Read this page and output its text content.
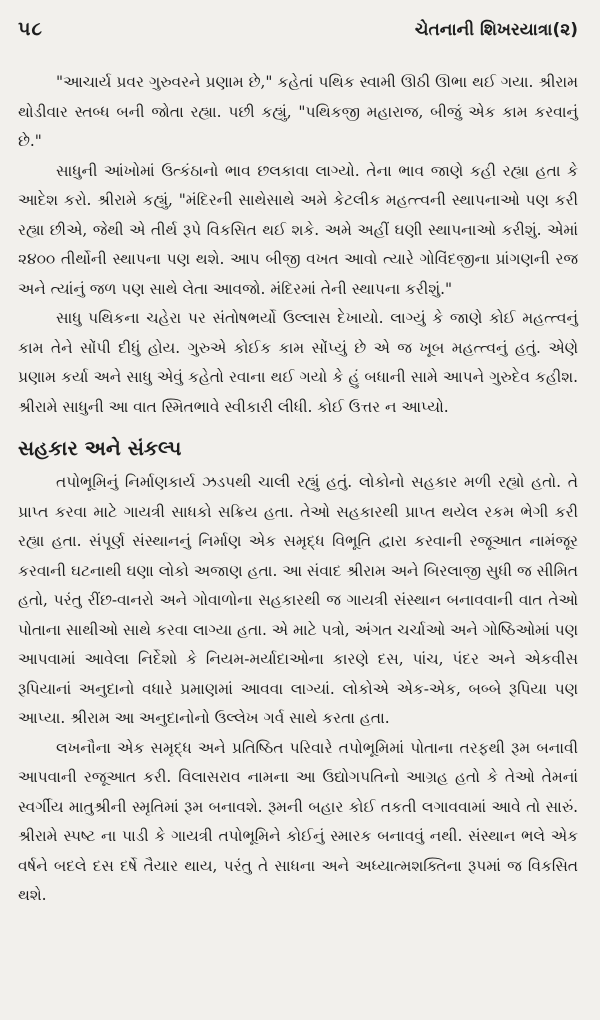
૫૮	ચેતનાની શિખરયાત્રા(૨)

"આચાર્ય પ્રવર ગુરુવરને પ્રણામ છે," કહેતાં પથિક સ્વામી ઊઠી ઊભા થઈ ગયા. શ્રીરામ થોડીવાર સ્તબ્ધ બની જોતા રહ્યા. પછી કહ્યું, "પથિકજી મહારાજ, બીજું એક કામ કરવાનું છે."

સાધુની આંખોમાં ઉત્કંઠાનો ભાવ છલકાવા લાગ્યો. તેના ભાવ જાણે કહી રહ્યા હતા કે આદેશ કરો. શ્રીરામે કહ્યું, "મંદિરની સાથેસાથે અમે કેટલીક મહત્ત્વની સ્થાપનાઓ પણ કરી રહ્યા છીએ, જેથી એ તીર્થ રૂપે વિકસિત થઈ શકે. અમે અહીં ઘણી સ્થાપનાઓ કરીશું. એમાં ૨૪૦૦ તીર્થોની સ્થાપના પણ થશે. આપ બીજી વખત આવો ત્યારે ગોવિંદજીના પ્રાંગણની રજ અને ત્યાંનું જળ પણ સાથે લેતા આવજો. મંદિરમાં તેની સ્થાપના કરીશું."

સાધુ પથિકના ચહેરા પર સંતોષભર્યો ઉલ્લાસ દેખાયો. લાગ્યું કે જાણે કોઈ મહત્ત્વનું કામ તેને સોંપી દીધું હોય. ગુરુએ કોઈક કામ સોંપ્યું છે એ જ ખૂબ મહત્ત્વનું હતું. એણે પ્રણામ કર્યા અને સાધુ એવું કહેતો રવાના થઈ ગયો કે હું બધાની સામે આપને ગુરુદેવ કહીશ. શ્રીરામે સાધુની આ વાત સ્મિતભાવે સ્વીકારી લીધી. કોઈ ઉત્તર ન આપ્યો.

સહકાર અને સંકલ્પ

તપોભૂમિનું નિર્માણકાર્ય ઝડપથી ચાલી રહ્યું હતું. લોકોનો સહકાર મળી રહ્યો હતો. તે પ્રાપ્ત કરવા માટે ગાયત્રી સાધકો સક્રિય હતા. તેઓ સહકારથી પ્રાપ્ત થયેલ રકમ ભેગી કરી રહ્યા હતા. સંપૂર્ણ સંસ્થાનનું નિર્માણ એક સમૃદ્ધ વિભૂતિ દ્વારા કરવાની રજૂઆત નામંજૂર કરવાની ઘટનાથી ઘણા લોકો અજાણ હતા. આ સંવાદ શ્રીરામ અને બિરલાજી સુધી જ સીમિત હતો, પરંતુ રીંછ-વાનરો અને ગોવાળોના સહકારથી જ ગાયત્રી સંસ્થાન બનાવવાની વાત તેઓ પોતાના સાથીઓ સાથે કરવા લાગ્યા હતા. એ માટે પત્રો, અંગત ચર્ચાઓ અને ગોષ્ઠિઓમાં પણ આપવામાં આવેલા નિર્દેશો કે નિયમ-મર્યાદાઓના કારણે દસ, પાંચ, પંદર અને એકવીસ રૂપિયાનાં અનુદાનો વધારે પ્રમાણમાં આવવા લાગ્યાં. લોકોએ એક-એક, બબ્બે રૂપિયા પણ આપ્યા. શ્રીરામ આ અનુદાનોનો ઉલ્લેખ ગર્વ સાથે કરતા હતા.

લખનૌના એક સમૃદ્ધ અને પ્રતિષ્ઠિત પરિવારે તપોભૂમિમાં પોતાના તરફથી રૂમ બનાવી આપવાની રજૂઆત કરી. વિલાસરાવ નામના આ ઉદ્યોગપતિનો આગ્રહ હતો કે તેઓ તેમનાં સ્વર્ગીય માતુશ્રીની સ્મૃતિમાં રૂમ બનાવશે. રૂમની બહાર કોઈ તકતી લગાવવામાં આવે તો સારું. શ્રીરામે સ્પષ્ટ ના પાડી કે ગાયત્રી તપોભૂમિને કોઈનું સ્મારક બનાવવું નથી. સંસ્થાન ભલે એક વર્ષને બદલે દસ દર્ષે તૈયાર થાય, પરંતુ તે સાધના અને અધ્યાત્મશક્તિના રૂપમાં જ વિકસિત થશે.
